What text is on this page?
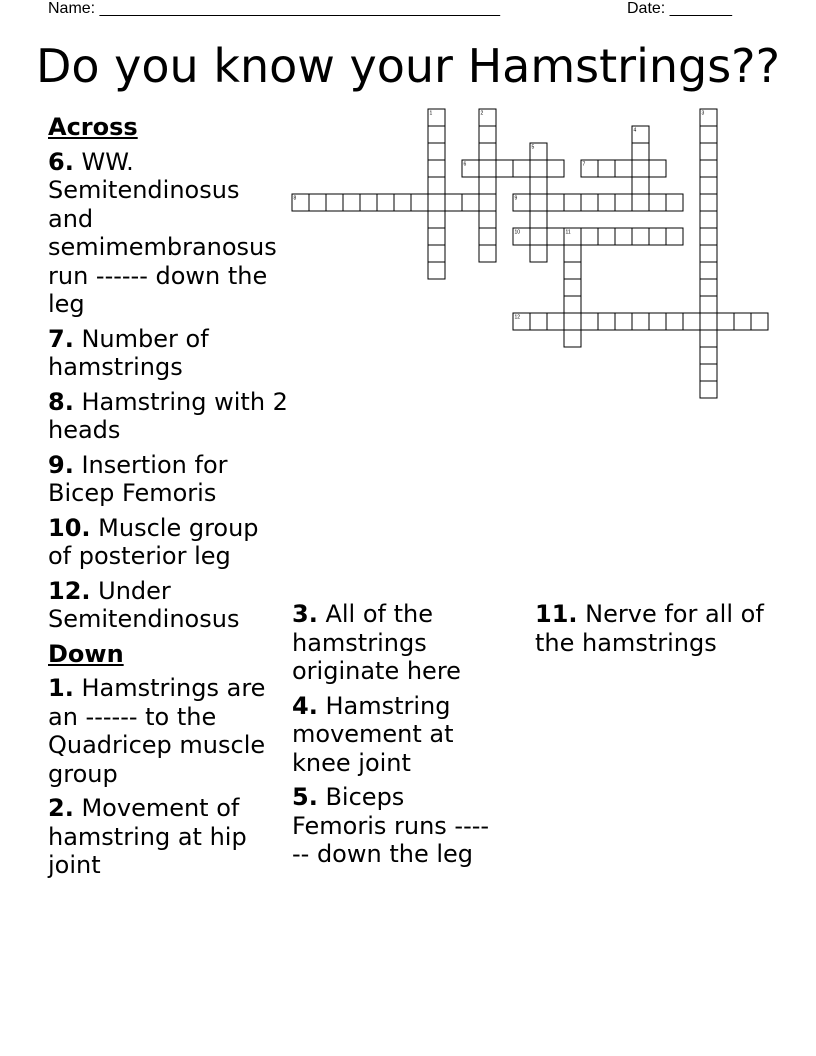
Name: _____________________________________________	Date: _______
Do you know your Hamstrings??
1	2	3
4
5
6	7
8	9
10	11
12
Across
6. WW. Semitendinosus and semimembranosus run ------ down the leg
7. Number of hamstrings
8. Hamstring with 2 heads
9. Insertion for Bicep Femoris
10. Muscle group of posterior leg
12. Under Semitendinosus
Down
1. Hamstrings are an ------ to the Quadricep muscle group
2. Movement of hamstring at hip joint
3. All of the hamstrings originate here
4. Hamstring movement at knee joint
5. Biceps Femoris runs ------ down the leg
11. Nerve for all of the hamstrings
